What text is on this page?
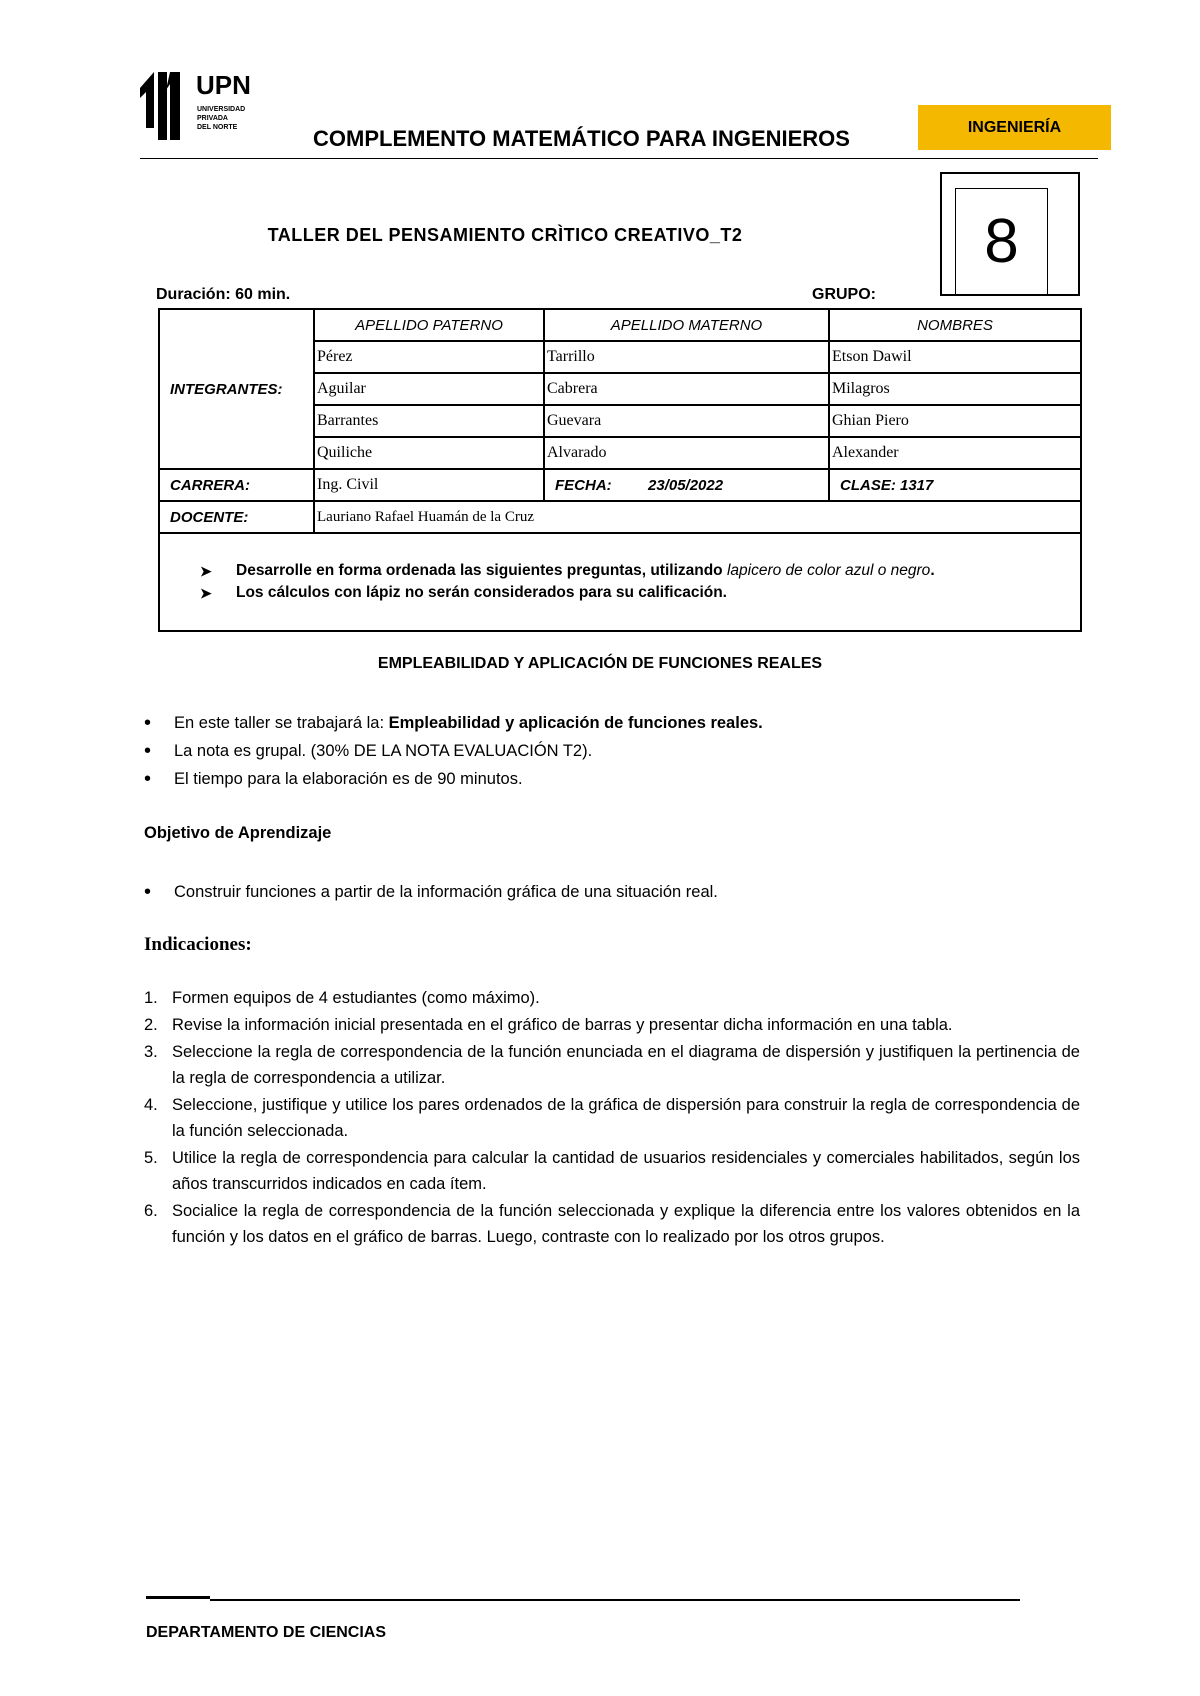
UPN
UNIVERSIDAD
PRIVADA
DEL NORTE	COMPLEMENTO MATEMÁTICO PARA INGENIEROS	INGENIERÍA
8
TALLER DEL PENSAMIENTO CRÌTICO CREATIVO_T2
Duración: 60 min.	GRUPO:
INTEGRANTES:	APELLIDO PATERNO	APELLIDO MATERNO	NOMBRES
	Pérez	Tarrillo	Etson Dawil
	Aguilar	Cabrera	Milagros
	Barrantes	Guevara	Ghian Piero
	Quiliche	Alvarado	Alexander
CARRERA:	Ing. Civil	FECHA: 23/05/2022	CLASE: 1317
DOCENTE:	Lauriano Rafael Huamán de la Cruz		

➤ Desarrolle en forma ordenada las siguientes preguntas, utilizando lapicero de color azul o negro.
➤ Los cálculos con lápiz no serán considerados para su calificación.			
EMPLEABILIDAD Y APLICACIÓN DE FUNCIONES REALES
• En este taller se trabajará la: Empleabilidad y aplicación de funciones reales.
• La nota es grupal. (30% DE LA NOTA EVALUACIÓN T2).
• El tiempo para la elaboración es de 90 minutos.
Objetivo de Aprendizaje
• Construir funciones a partir de la información gráfica de una situación real.
Indicaciones:
1. Formen equipos de 4 estudiantes (como máximo).
2. Revise la información inicial presentada en el gráfico de barras y presentar dicha información en una tabla.
3. Seleccione la regla de correspondencia de la función enunciada en el diagrama de dispersión y justifiquen la pertinencia de la regla de correspondencia a utilizar.
4. Seleccione, justifique y utilice los pares ordenados de la gráfica de dispersión para construir la regla de correspondencia de la función seleccionada.
5. Utilice la regla de correspondencia para calcular la cantidad de usuarios residenciales y comerciales habilitados, según los años transcurridos indicados en cada ítem.
6. Socialice la regla de correspondencia de la función seleccionada y explique la diferencia entre los valores obtenidos en la función y los datos en el gráfico de barras. Luego, contraste con lo realizado por los otros grupos.
DEPARTAMENTO DE CIENCIAS
